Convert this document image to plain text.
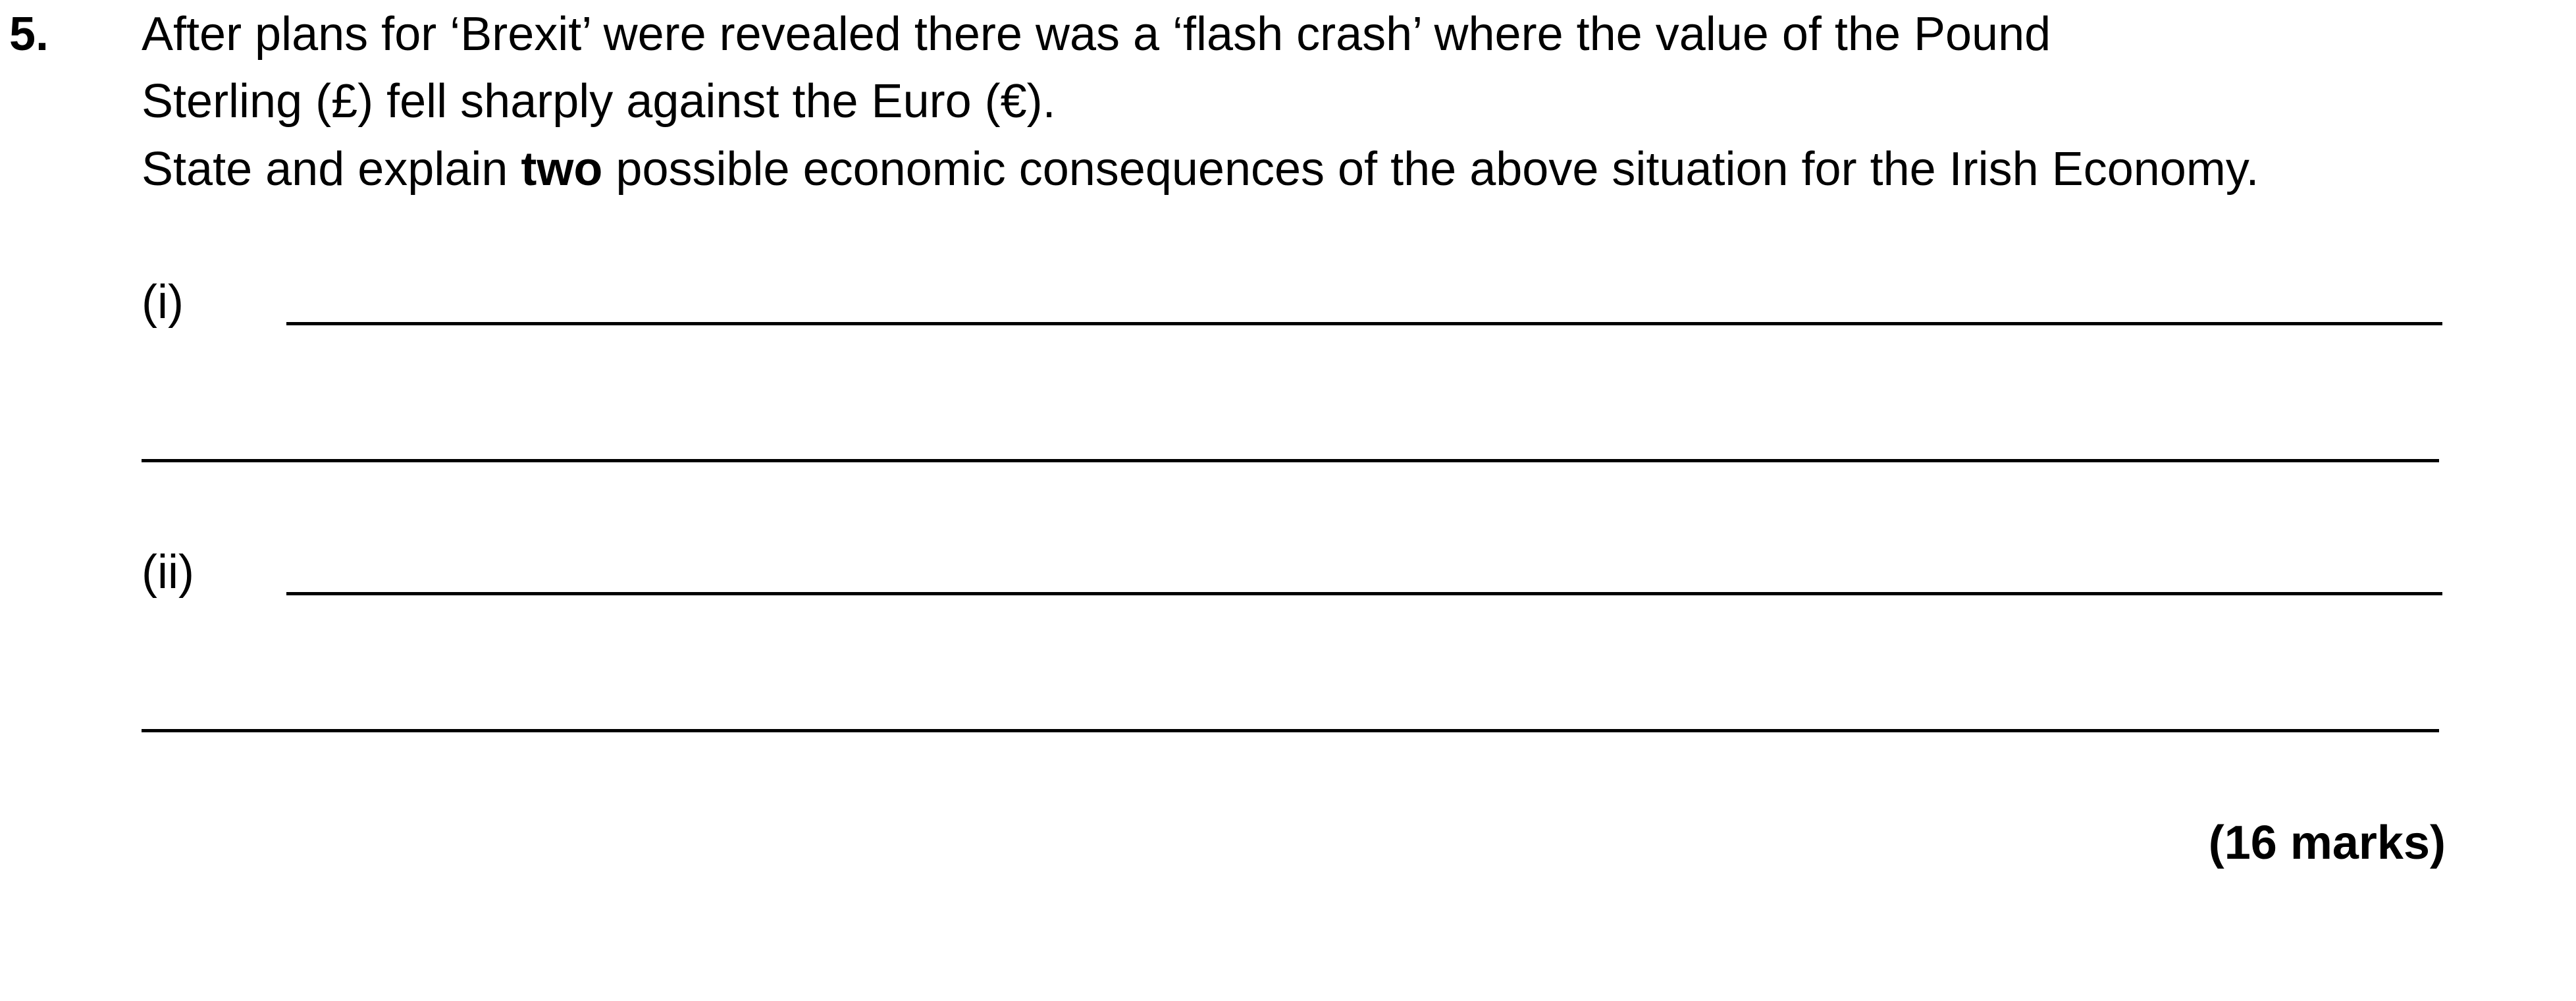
5. After plans for ‘Brexit’ were revealed there was a ‘flash crash’ where the value of the Pound
Sterling (£) fell sharply against the Euro (€).
State and explain two possible economic consequences of the above situation for the Irish Economy.
(i)
(ii)
(16 marks)
